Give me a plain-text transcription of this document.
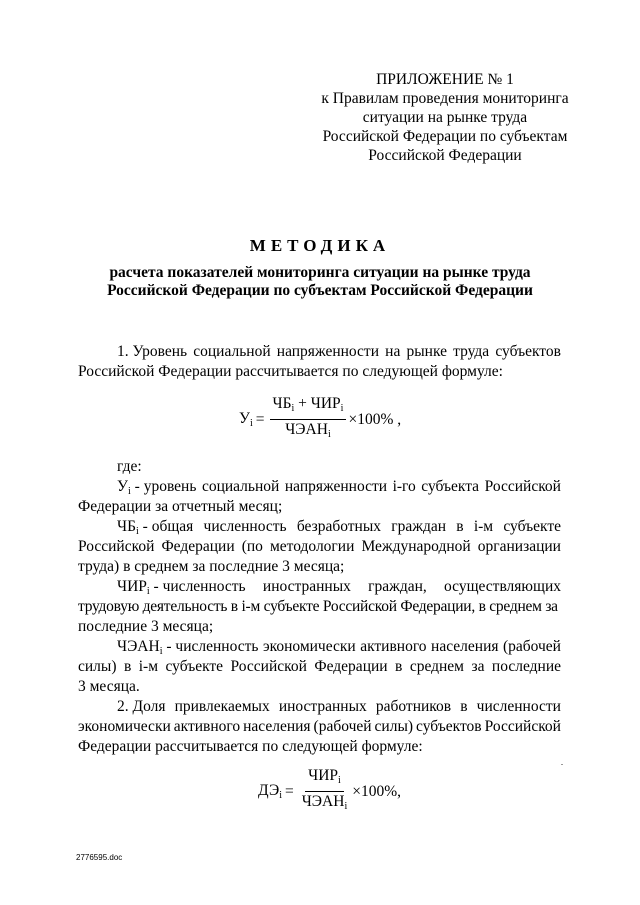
ПРИЛОЖЕНИЕ № 1
к Правилам проведения мониторинга
ситуации на рынке труда
Российской Федерации по субъектам
Российской Федерации
МЕТОДИКА
расчета показателей мониторинга ситуации на рынке труда
Российской Федерации по субъектам Российской Федерации
1. Уровень социальной напряженности на рынке труда субъектов
Российской Федерации рассчитывается по следующей формуле:
$У_i = \frac{ЧБ_i + ЧИР_i}{ЧЭАН_i} \times 100\%$ ,
где:
$У_i$ - уровень социальной напряженности i-го субъекта Российской
Федерации за отчетный месяц;
$ЧБ_i$ - общая численность безработных граждан в i-м субъекте
Российской Федерации (по методологии Международной организации
труда) в среднем за последние 3 месяца;
$ЧИР_i$ - численность иностранных граждан, осуществляющих
трудовую деятельность в i-м субъекте Российской Федерации, в среднем за
последние 3 месяца;
$ЧЭАН_i$ - численность экономически активного населения (рабочей
силы) в i-м субъекте Российской Федерации в среднем за последние
3 месяца.
2. Доля привлекаемых иностранных работников в численности
экономически активного населения (рабочей силы) субъектов Российской
Федерации рассчитывается по следующей формуле:
$ДЭ_i = \frac{ЧИР_i}{ЧЭАН_i} \times 100\%$,
2776595.doc
